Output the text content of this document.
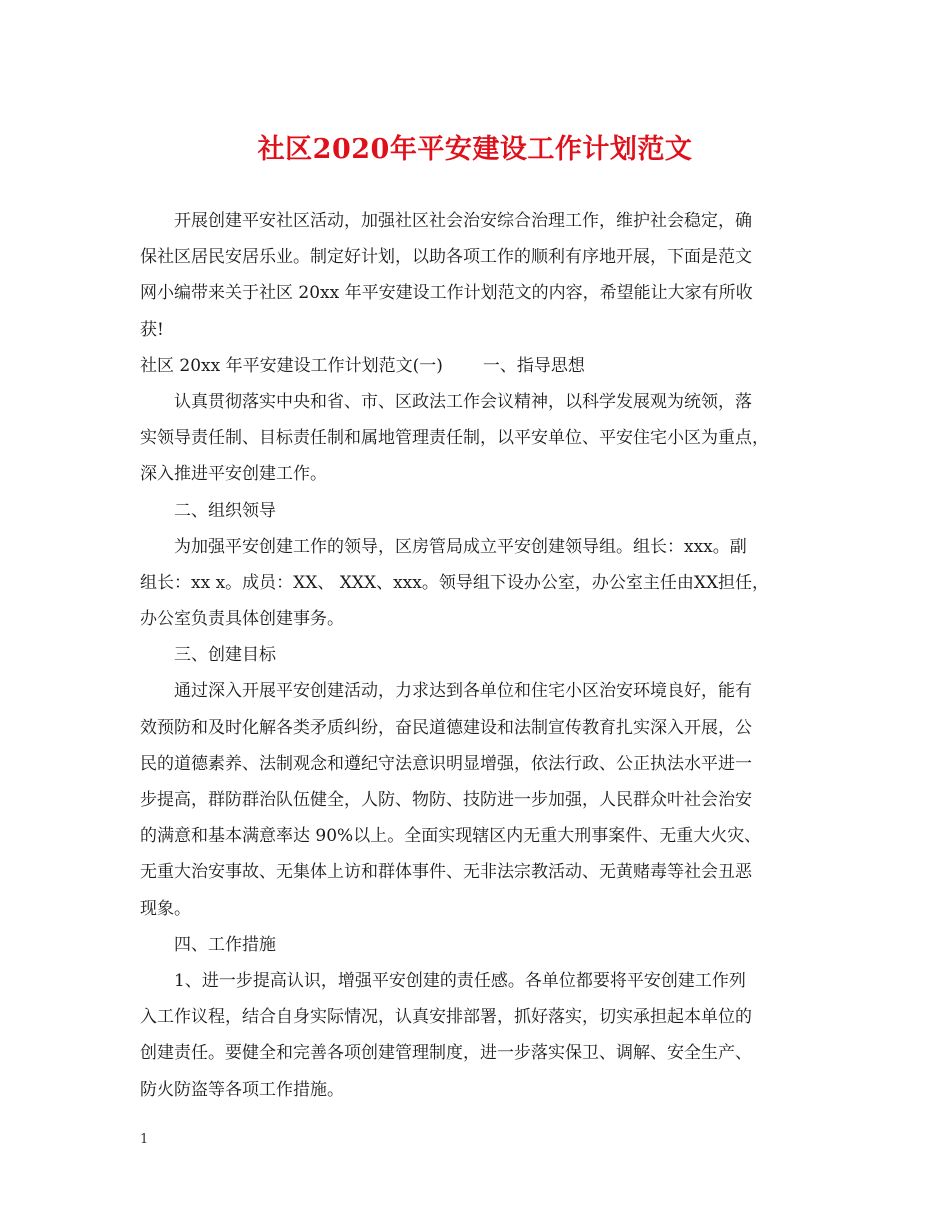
社区2020年平安建设工作计划范文
开展创建平安社区活动，加强社区社会治安综合治理工作，维护社会稳定，确
保社区居民安居乐业。制定好计划，以助各项工作的顺利有序地开展，下面是范文
网小编带来关于社区 20xx 年平安建设工作计划范文的内容，希望能让大家有所收
获!
社区 20xx 年平安建设工作计划范文(一) 一、指导思想
认真贯彻落实中央和省、市、区政法工作会议精神，以科学发展观为统领，落
实领导责任制、目标责任制和属地管理责任制，以平安单位、平安住宅小区为重点，
深入推进平安创建工作。
二、组织领导
为加强平安创建工作的领导，区房管局成立平安创建领导组。组长：xxx。副
组长：xx x。成员：XX、 XXX、xxx。领导组下设办公室，办公室主任由XX担任，
办公室负责具体创建事务。
三、创建目标
通过深入开展平安创建活动，力求达到各单位和住宅小区治安环境良好，能有
效预防和及时化解各类矛质纠纷，奋民道德建设和法制宣传教育扎实深入开展，公
民的道德素养、法制观念和遵纪守法意识明显增强，依法行政、公正执法水平进一
步提高，群防群治队伍健全，人防、物防、技防进一步加强，人民群众叶社会治安
的满意和基本满意率达 90%以上。全面实现辖区内无重大刑事案件、无重大火灾、
无重大治安事故、无集体上访和群体事件、无非法宗教活动、无黄赌毒等社会丑恶
现象。
四、工作措施
1、进一步提高认识，增强平安创建的责任感。各单位都要将平安创建工作列
入工作议程，结合自身实际情况，认真安排部署，抓好落实，切实承担起本单位的
创建责任。要健全和完善各项创建管理制度，进一步落实保卫、调解、安全生产、
防火防盗等各项工作措施。
1
